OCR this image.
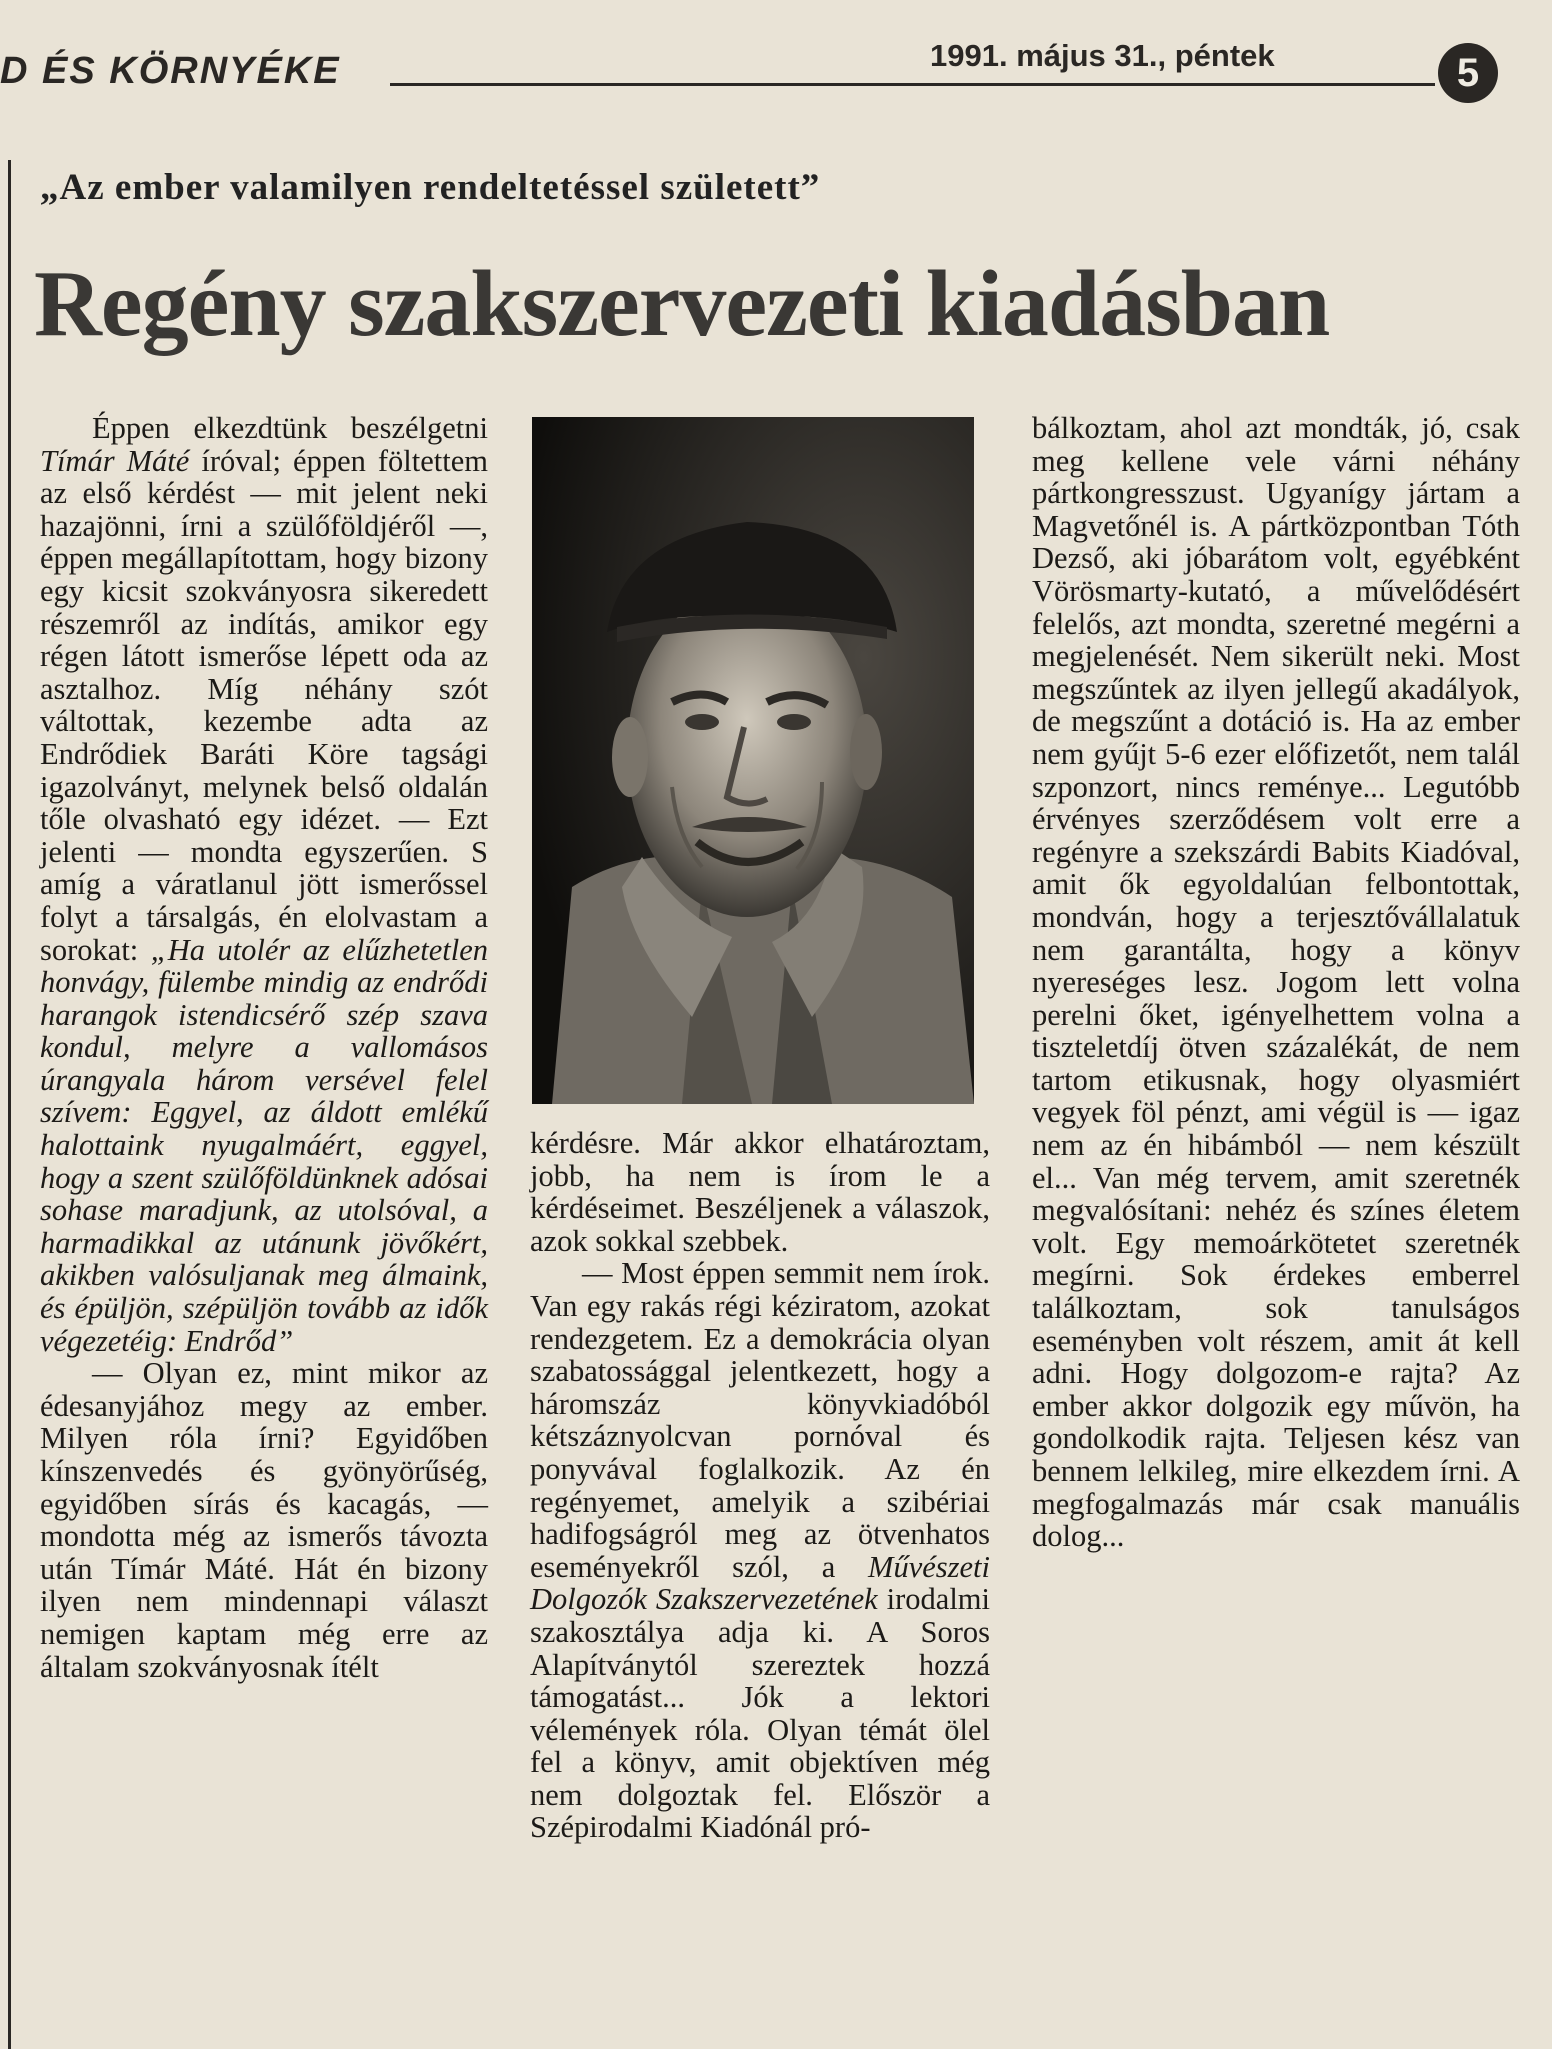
D ÉS KÖRNYÉKE	1991. május 31., péntek	5
„Az ember valamilyen rendeltetéssel született”
Regény szakszervezeti kiadásban

Éppen elkezdtünk beszélgetni Tímár Máté íróval; éppen föltettem az első kérdést — mit jelent neki hazajönni, írni a szülőföldjéről —, éppen megállapítottam, hogy bizony egy kicsit szokványosra sikeredett részemről az indítás, amikor egy régen látott ismerőse lépett oda az asztalhoz. Míg néhány szót váltottak, kezembe adta az Endrődiek Baráti Köre tagsági igazolványt, melynek belső oldalán tőle olvasható egy idézet. — Ezt jelenti — mondta egyszerűen. S amíg a váratlanul jött ismerőssel folyt a társalgás, én elolvastam a sorokat: „Ha utolér az elűzhetetlen honvágy, fülembe mindig az endrődi harangok istendicsérő szép szava kondul, melyre a vallomásos úrangyala három versével felel szívem: Eggyel, az áldott emlékű halottaink nyugalmáért, eggyel, hogy a szent szülőföldünknek adósai sohase maradjunk, az utolsóval, a harmadikkal az utánunk jövőkért, akikben valósuljanak meg álmaink, és épüljön, szépüljön tovább az idők végezetéig: Endrőd”

— Olyan ez, mint mikor az édesanyjához megy az ember. Milyen róla írni? Egyidőben kínszenvedés és gyönyörűség, egyidőben sírás és kacagás, — mondotta még az ismerős távozta után Tímár Máté. Hát én bizony ilyen nem mindennapi választ nemigen kaptam még erre az általam szokványosnak ítélt

kérdésre. Már akkor elhatároztam, jobb, ha nem is írom le a kérdéseimet. Beszéljenek a válaszok, azok sokkal szebbek.

— Most éppen semmit nem írok. Van egy rakás régi kéziratom, azokat rendezgetem. Ez a demokrácia olyan szabatossággal jelentkezett, hogy a háromszáz könyvkiadóból kétszáznyolcvan pornóval és ponyvával foglalkozik. Az én regényemet, amelyik a szibériai hadifogságról meg az ötvenhatos eseményekről szól, a Művészeti Dolgozók Szakszervezetének irodalmi szakosztálya adja ki. A Soros Alapítványtól szereztek hozzá támogatást... Jók a lektori vélemények róla. Olyan témát ölel fel a könyv, amit objektíven még nem dolgoztak fel. Először a Szépirodalmi Kiadónál pró-

bálkoztam, ahol azt mondták, jó, csak meg kellene vele várni néhány pártkongresszust. Ugyanígy jártam a Magvetőnél is. A pártközpontban Tóth Dezső, aki jóbarátom volt, egyébként Vörösmarty-kutató, a művelődésért felelős, azt mondta, szeretné megérni a megjelenését. Nem sikerült neki. Most megszűntek az ilyen jellegű akadályok, de megszűnt a dotáció is. Ha az ember nem gyűjt 5-6 ezer előfizetőt, nem talál szponzort, nincs reménye... Legutóbb érvényes szerződésem volt erre a regényre a szekszárdi Babits Kiadóval, amit ők egyoldalúan felbontottak, mondván, hogy a terjesztővállalatuk nem garantálta, hogy a könyv nyereséges lesz. Jogom lett volna perelni őket, igényelhettem volna a tiszteletdíj ötven százalékát, de nem tartom etikusnak, hogy olyasmiért vegyek föl pénzt, ami végül is — igaz nem az én hibámból — nem készült el... Van még tervem, amit szeretnék megvalósítani: nehéz és színes életem volt. Egy memoárkötetet szeretnék megírni. Sok érdekes emberrel találkoztam, sok tanulságos eseményben volt részem, amit át kell adni. Hogy dolgozom-e rajta? Az ember akkor dolgozik egy művön, ha gondolkodik rajta. Teljesen kész van bennem lelkileg, mire elkezdem írni. A megfogalmazás már csak manuális dolog...
